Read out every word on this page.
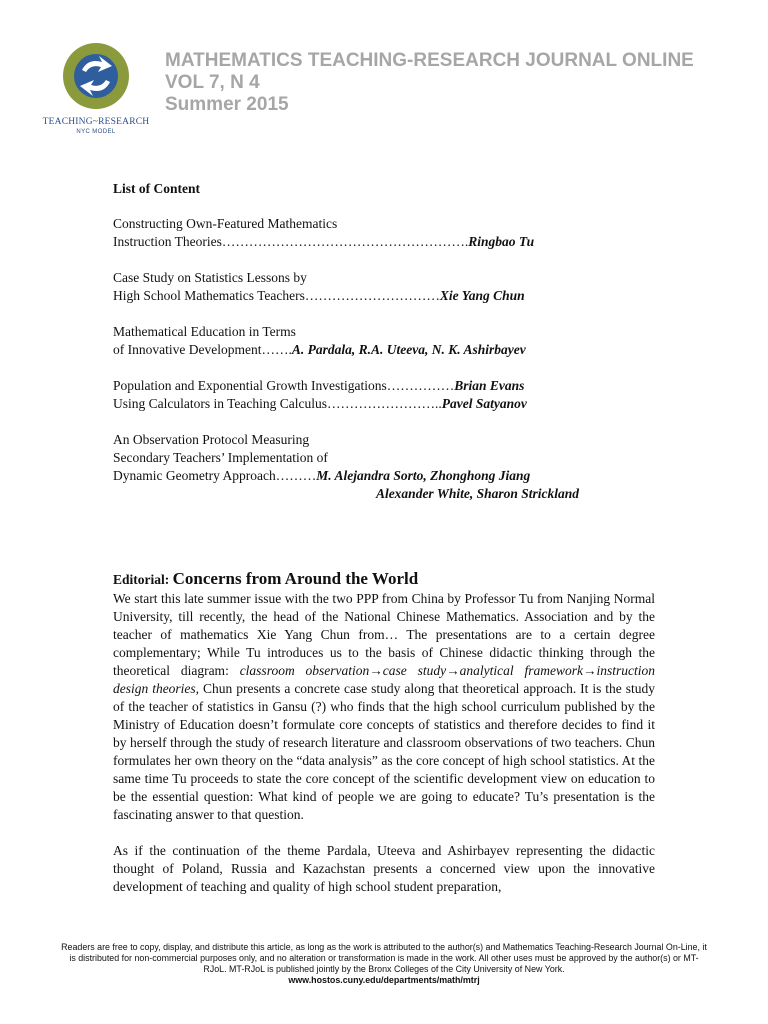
TEACHING~RESEARCH
NYC MODEL
MATHEMATICS TEACHING-RESEARCH JOURNAL ONLINE
VOL 7, N 4
Summer 2015
List of Content
Constructing Own-Featured Mathematics
Instruction Theories……………………………………………….Ringbao Tu
Case Study on Statistics Lessons by
High School Mathematics Teachers…………………………Xie Yang Chun
Mathematical Education in Terms
of Innovative Development…….A. Pardala, R.A. Uteeva, N. K. Ashirbayev
Population and Exponential Growth Investigations……………Brian Evans
Using Calculators in Teaching Calculus……………………..Pavel Satyanov
An Observation Protocol Measuring
Secondary Teachers’ Implementation of
Dynamic Geometry Approach………M. Alejandra Sorto, Zhonghong Jiang
Alexander White, Sharon Strickland
Editorial: Concerns from Around the World

We start this late summer issue with the two PPP from China by Professor Tu from Nanjing Normal University, till recently, the head of the National Chinese Mathematics. Association and by the teacher of mathematics Xie Yang Chun from… The presentations are to a certain degree complementary; While Tu introduces us to the basis of Chinese didactic thinking through the theoretical diagram: classroom observation→case study→analytical framework→instruction design theories, Chun presents a concrete case study along that theoretical approach. It is the study of the teacher of statistics in Gansu (?) who finds that the high school curriculum published by the Ministry of Education doesn’t formulate core concepts of statistics and therefore decides to find it by herself through the study of research literature and classroom observations of two teachers. Chun formulates her own theory on the “data analysis” as the core concept of high school statistics. At the same time Tu proceeds to state the core concept of the scientific development view on education to be the essential question: What kind of people we are going to educate? Tu’s presentation is the fascinating answer to that question.

As if the continuation of the theme Pardala, Uteeva and Ashirbayev representing the didactic thought of Poland, Russia and Kazachstan presents a concerned view upon the innovative development of teaching and quality of high school student preparation,

Readers are free to copy, display, and distribute this article, as long as the work is attributed to the author(s) and Mathematics Teaching-Research Journal On-Line, it is distributed for non-commercial purposes only, and no alteration or transformation is made in the work. All other uses must be approved by the author(s) or MT-RJoL. MT-RJoL is published jointly by the Bronx Colleges of the City University of New York.
www.hostos.cuny.edu/departments/math/mtrj
